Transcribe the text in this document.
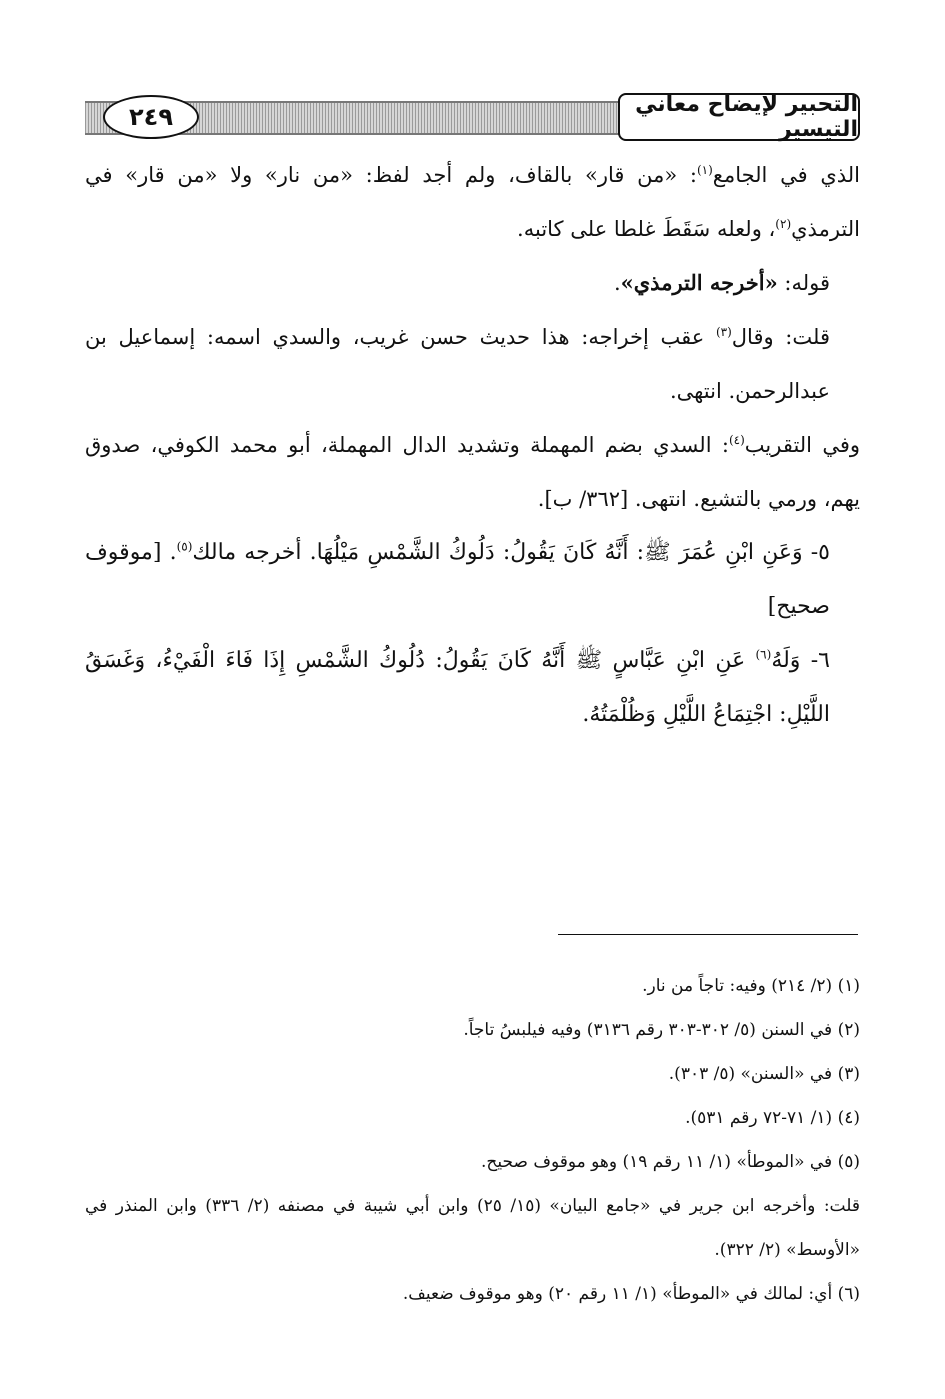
٢٤٩	التحبير لإيضاح معاني التيسير

الذي في الجامع$^{(١)}$: «من قار» بالقاف، ولم أجد لفظ: «من نار» ولا «من قار» في الترمذي$^{(٢)}$، ولعله سَقَطَ غلطا على كاتبه.

قوله: «أخرجه الترمذي».

قلت: وقال$^{(٣)}$ عقب إخراجه: هذا حديث حسن غريب، والسدي اسمه: إسماعيل بن عبدالرحمن. انتهى.

وفي التقريب$^{(٤)}$: السدي بضم المهملة وتشديد الدال المهملة، أبو محمد الكوفي، صدوق يهم، ورمي بالتشيع. انتهى. [٣٦٢/ ب].

٥- وَعَنِ ابْنِ عُمَرَ ﷺ: أَنَّهُ كَانَ يَقُولُ: دَلُوكُ الشَّمْسِ مَيْلُهَا. أخرجه مالك$^{(٥)}$. [موقوف صحيح]

٦- وَلَهُ$^{(٦)}$ عَنِ ابْنِ عَبَّاسٍ ﷺ أَنَّهُ كَانَ يَقُولُ: دُلُوكُ الشَّمْسِ إِذَا فَاءَ الْفَيْءُ، وَغَسَقُ اللَّيْلِ: اجْتِمَاعُ اللَّيْلِ وَظُلْمَتُهُ.

(١) (٢/ ٢١٤) وفيه: تاجاً من نار.

(٢) في السنن (٥/ ٣٠٢-٣٠٣ رقم ٣١٣٦) وفيه فيلبسُ تاجاً.

(٣) في «السنن» (٥/ ٣٠٣).

(٤) (١/ ٧١-٧٢ رقم ٥٣١).

(٥) في «الموطأ» (١/ ١١ رقم ١٩) وهو موقوف صحيح.

قلت: وأخرجه ابن جرير في «جامع البيان» (١٥/ ٢٥) وابن أبي شيبة في مصنفه (٢/ ٣٣٦) وابن المنذر في «الأوسط» (٢/ ٣٢٢).

(٦) أي: لمالك في «الموطأ» (١/ ١١ رقم ٢٠) وهو موقوف ضعيف.
